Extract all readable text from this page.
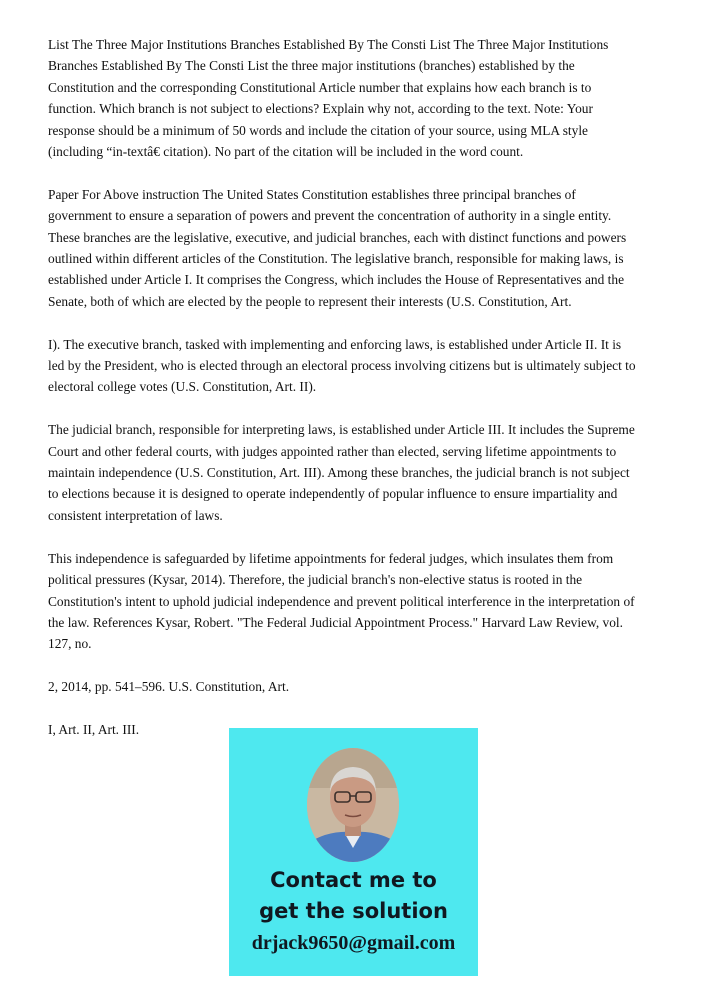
List The Three Major Institutions Branches Established By The Consti List The Three Major Institutions Branches Established By The Consti List the three major institutions (branches) established by the Constitution and the corresponding Constitutional Article number that explains how each branch is to function. Which branch is not subject to elections? Explain why not, according to the text. Note: Your response should be a minimum of 50 words and include the citation of your source, using MLA style (including “in-textâ€ citation). No part of the citation will be included in the word count.

Paper For Above instruction The United States Constitution establishes three principal branches of government to ensure a separation of powers and prevent the concentration of authority in a single entity. These branches are the legislative, executive, and judicial branches, each with distinct functions and powers outlined within different articles of the Constitution. The legislative branch, responsible for making laws, is established under Article I. It comprises the Congress, which includes the House of Representatives and the Senate, both of which are elected by the people to represent their interests (U.S. Constitution, Art.

I). The executive branch, tasked with implementing and enforcing laws, is established under Article II. It is led by the President, who is elected through an electoral process involving citizens but is ultimately subject to electoral college votes (U.S. Constitution, Art. II).

The judicial branch, responsible for interpreting laws, is established under Article III. It includes the Supreme Court and other federal courts, with judges appointed rather than elected, serving lifetime appointments to maintain independence (U.S. Constitution, Art. III). Among these branches, the judicial branch is not subject to elections because it is designed to operate independently of popular influence to ensure impartiality and consistent interpretation of laws.

This independence is safeguarded by lifetime appointments for federal judges, which insulates them from political pressures (Kysar, 2014). Therefore, the judicial branch's non-elective status is rooted in the Constitution's intent to uphold judicial independence and prevent political interference in the interpretation of the law. References Kysar, Robert. "The Federal Judicial Appointment Process." Harvard Law Review, vol. 127, no.

2, 2014, pp. 541–596. U.S. Constitution, Art.

I, Art. II, Art. III.

Contact me to
get the solution
drjack9650@gmail.com
